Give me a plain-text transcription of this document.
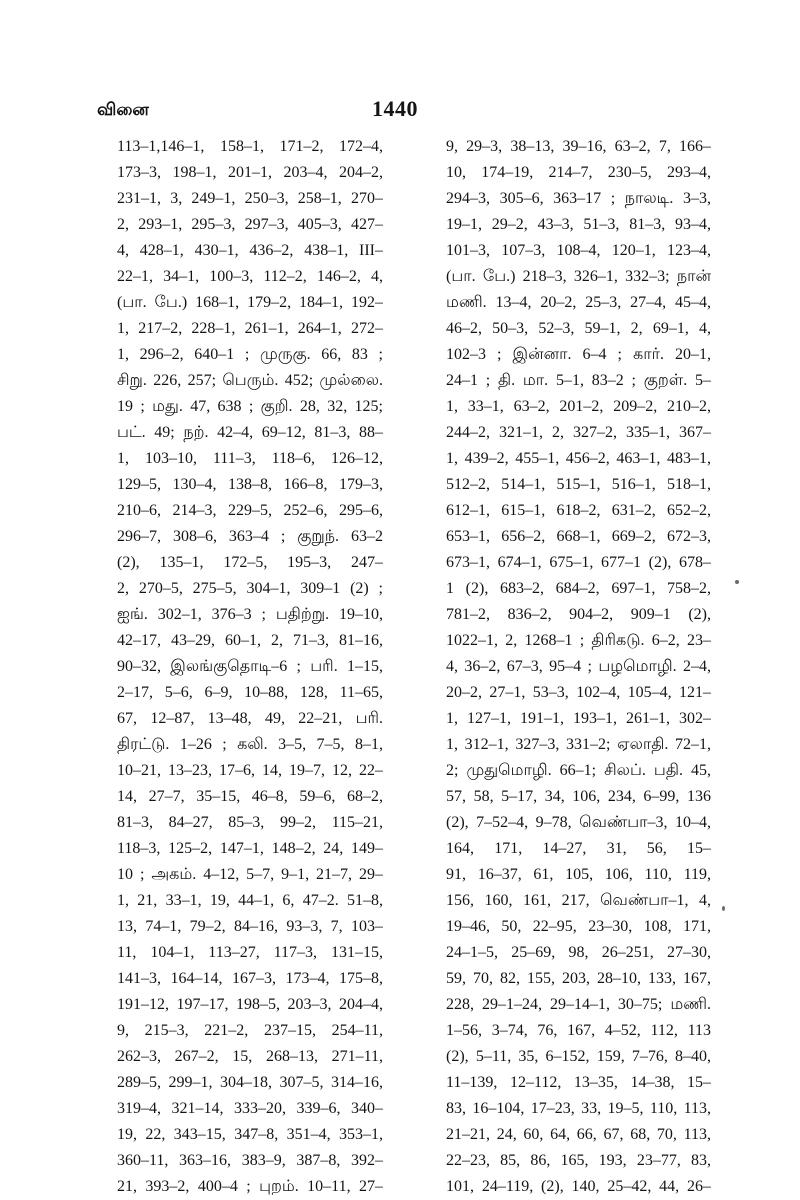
வினை	1440
113–1,146–1, 158–1, 171–2, 172–4,
173–3, 198–1, 201–1, 203–4, 204–2,
231–1, 3, 249–1, 250–3, 258–1, 270–
2, 293–1, 295–3, 297–3, 405–3, 427–
4, 428–1, 430–1, 436–2, 438–1, III–
22–1, 34–1, 100–3, 112–2, 146–2, 4,
(பா. பே.) 168–1, 179–2, 184–1, 192–
1, 217–2, 228–1, 261–1, 264–1, 272–
1, 296–2, 640–1 ; முருகு. 66, 83 ;
சிறு. 226, 257; பெரும். 452; முல்லை.
19 ; மது. 47, 638 ; குறி. 28, 32, 125;
பட். 49; நற். 42–4, 69–12, 81–3, 88–
1, 103–10, 111–3, 118–6, 126–12,
129–5, 130–4, 138–8, 166–8, 179–3,
210–6, 214–3, 229–5, 252–6, 295–6,
296–7, 308–6, 363–4 ; குறுந். 63–2
(2), 135–1, 172–5, 195–3, 247–
2, 270–5, 275–5, 304–1, 309–1 (2) ;
ஐங். 302–1, 376–3 ; பதிற்று. 19–10,
42–17, 43–29, 60–1, 2, 71–3, 81–16,
90–32, இலங்குதொடி–6 ; பரி. 1–15,
2–17, 5–6, 6–9, 10–88, 128, 11–65,
67, 12–87, 13–48, 49, 22–21, பரி.
திரட்டு. 1–26 ; கலி. 3–5, 7–5, 8–1,
10–21, 13–23, 17–6, 14, 19–7, 12, 22–
14, 27–7, 35–15, 46–8, 59–6, 68–2,
81–3, 84–27, 85–3, 99–2, 115–21,
118–3, 125–2, 147–1, 148–2, 24, 149–
10 ; அகம். 4–12, 5–7, 9–1, 21–7, 29–
1, 21, 33–1, 19, 44–1, 6, 47–2. 51–8,
13, 74–1, 79–2, 84–16, 93–3, 7, 103–
11, 104–1, 113–27, 117–3, 131–15,
141–3, 164–14, 167–3, 173–4, 175–8,
191–12, 197–17, 198–5, 203–3, 204–4,
9, 215–3, 221–2, 237–15, 254–11,
262–3, 267–2, 15, 268–13, 271–11,
289–5, 299–1, 304–18, 307–5, 314–16,
319–4, 321–14, 333–20, 339–6, 340–
19, 22, 343–15, 347–8, 351–4, 353–1,
360–11, 363–16, 383–9, 387–8, 392–
21, 393–2, 400–4 ; புறம். 10–11, 27–
9, 29–3, 38–13, 39–16, 63–2, 7, 166–
10, 174–19, 214–7, 230–5, 293–4,
294–3, 305–6, 363–17 ; நாலடி. 3–3,
19–1, 29–2, 43–3, 51–3, 81–3, 93–4,
101–3, 107–3, 108–4, 120–1, 123–4,
(பா. பே.) 218–3, 326–1, 332–3; நான்
மணி. 13–4, 20–2, 25–3, 27–4, 45–4,
46–2, 50–3, 52–3, 59–1, 2, 69–1, 4,
102–3 ; இன்னா. 6–4 ; கார். 20–1,
24–1 ; தி. மா. 5–1, 83–2 ; குறள். 5–
1, 33–1, 63–2, 201–2, 209–2, 210–2,
244–2, 321–1, 2, 327–2, 335–1, 367–
1, 439–2, 455–1, 456–2, 463–1, 483–1,
512–2, 514–1, 515–1, 516–1, 518–1,
612–1, 615–1, 618–2, 631–2, 652–2,
653–1, 656–2, 668–1, 669–2, 672–3,
673–1, 674–1, 675–1, 677–1 (2), 678–
1 (2), 683–2, 684–2, 697–1, 758–2,
781–2, 836–2, 904–2, 909–1 (2),
1022–1, 2, 1268–1 ; திரிகடு. 6–2, 23–
4, 36–2, 67–3, 95–4 ; பழமொழி. 2–4,
20–2, 27–1, 53–3, 102–4, 105–4, 121–
1, 127–1, 191–1, 193–1, 261–1, 302–
1, 312–1, 327–3, 331–2; ஏலாதி. 72–1,
2; முதுமொழி. 66–1; சிலப். பதி. 45,
57, 58, 5–17, 34, 106, 234, 6–99, 136
(2), 7–52–4, 9–78, வெண்பா–3, 10–4,
164, 171, 14–27, 31, 56, 15–
91, 16–37, 61, 105, 106, 110, 119,
156, 160, 161, 217, வெண்பா–1, 4,
19–46, 50, 22–95, 23–30, 108, 171,
24–1–5, 25–69, 98, 26–251, 27–30,
59, 70, 82, 155, 203, 28–10, 133, 167,
228, 29–1–24, 29–14–1, 30–75; மணி.
1–56, 3–74, 76, 167, 4–52, 112, 113
(2), 5–11, 35, 6–152, 159, 7–76, 8–40,
11–139, 12–112, 13–35, 14–38, 15–
83, 16–104, 17–23, 33, 19–5, 110, 113,
21–21, 24, 60, 64, 66, 67, 68, 70, 113,
22–23, 85, 86, 165, 193, 23–77, 83,
101, 24–119, (2), 140, 25–42, 44, 26–
